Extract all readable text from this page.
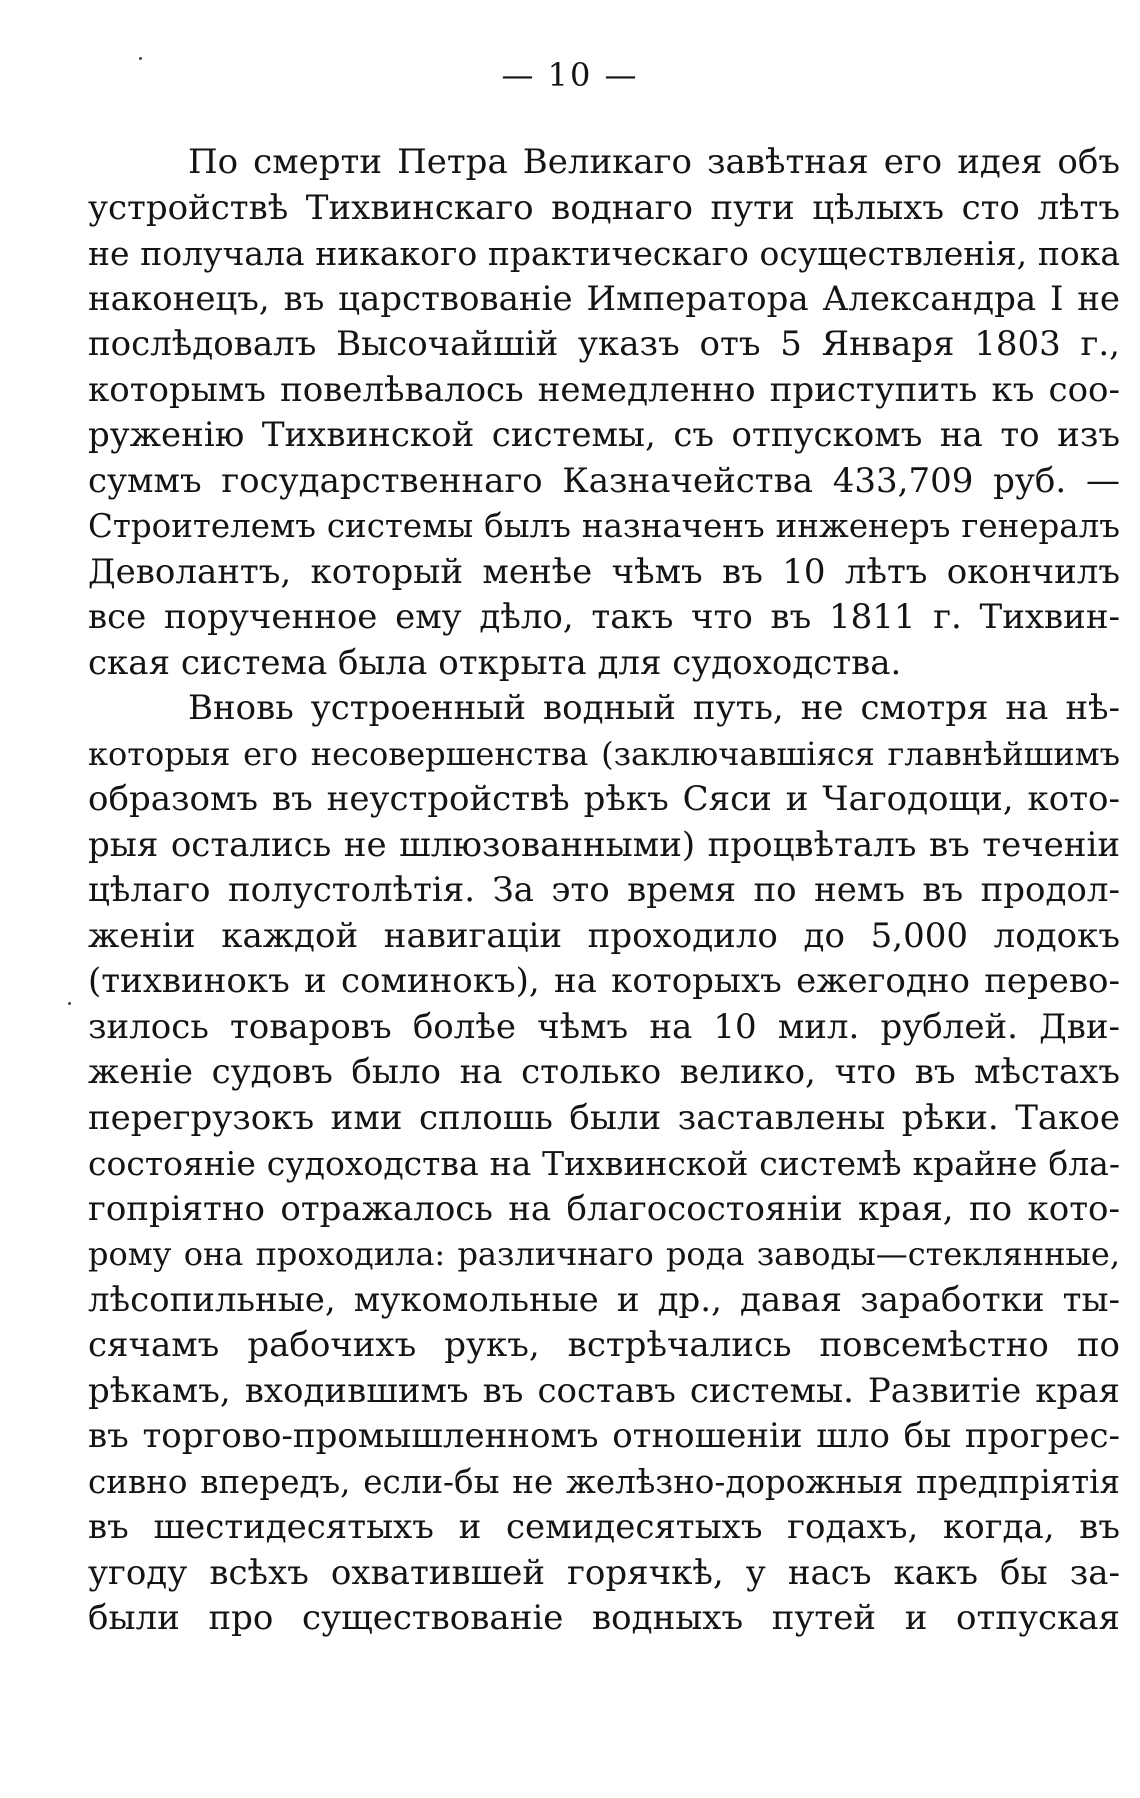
— 10 —
По смерти Петра Великаго завѣтная его идея объ
устройствѣ Тихвинскаго воднаго пути цѣлыхъ сто лѣтъ
не получала никакого практическаго осуществленія, пока
наконецъ, въ царствованіе Императора Александра I не
послѣдовалъ Высочайшій указъ отъ 5 Января 1803 г.,
которымъ повелѣвалось немедленно приступить къ соо-
руженію Тихвинской системы, съ отпускомъ на то изъ
суммъ государственнаго Казначейства 433,709 руб. —
Строителемъ системы былъ назначенъ инженеръ генералъ
Деволантъ, который менѣе чѣмъ въ 10 лѣтъ окончилъ
все порученное ему дѣло, такъ что въ 1811 г. Тихвин-
ская система была открыта для судоходства.
Вновь устроенный водный путь, не смотря на нѣ-
которыя его несовершенства (заключавшіяся главнѣйшимъ
образомъ въ неустройствѣ рѣкъ Сяси и Чагодощи, кото-
рыя остались не шлюзованными) процвѣталъ въ теченіи
цѣлаго полустолѣтія. За это время по немъ въ продол-
женіи каждой навигаціи проходило до 5,000 лодокъ
(тихвинокъ и соминокъ), на которыхъ ежегодно перево-
зилось товаровъ болѣе чѣмъ на 10 мил. рублей. Дви-
женіе судовъ было на столько велико, что въ мѣстахъ
перегрузокъ ими сплошь были заставлены рѣки. Такое
состояніе судоходства на Тихвинской системѣ крайне бла-
гопріятно отражалось на благосостояніи края, по кото-
рому она проходила: различнаго рода заводы—стеклянные,
лѣсопильные, мукомольные и др., давая заработки ты-
сячамъ рабочихъ рукъ, встрѣчались повсемѣстно по
рѣкамъ, входившимъ въ составъ системы. Развитіе края
въ торгово-промышленномъ отношеніи шло бы прогрес-
сивно впередъ, если-бы не желѣзно-дорожныя предпріятія
въ шестидесятыхъ и семидесятыхъ годахъ, когда, въ
угоду всѣхъ охватившей горячкѣ, у насъ какъ бы за-
были про существованіе водныхъ путей и отпуская
